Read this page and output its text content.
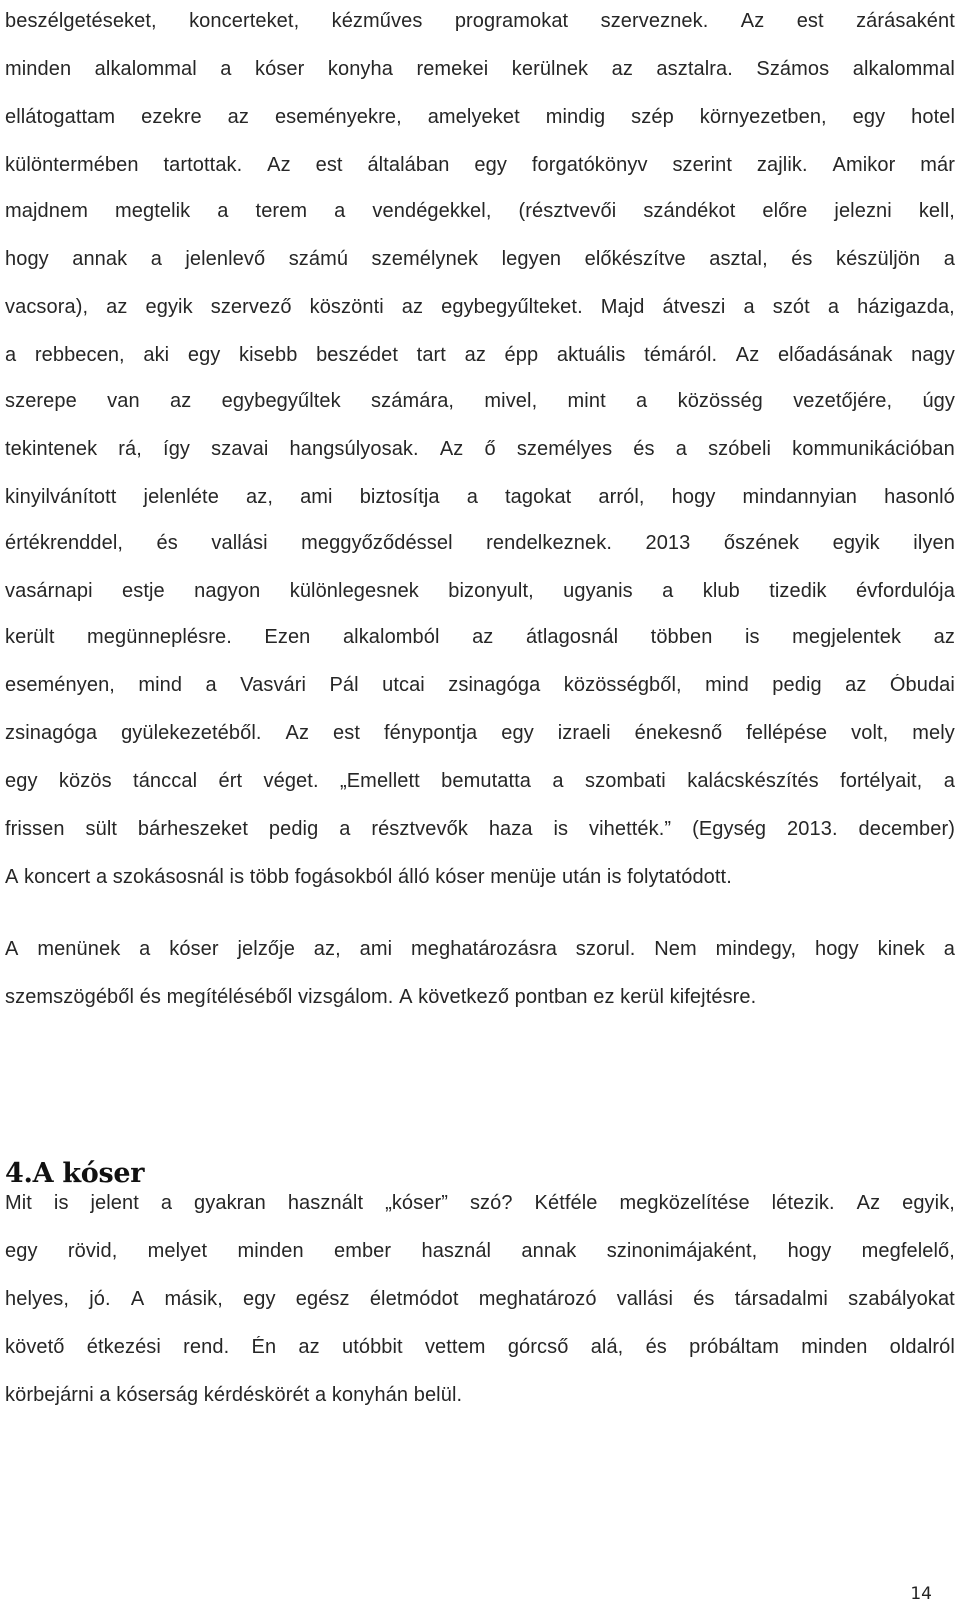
beszélgetéseket, koncerteket, kézműves programokat szerveznek. Az est zárásaként
minden alkalommal a kóser konyha remekei kerülnek az asztalra. Számos alkalommal
ellátogattam ezekre az eseményekre, amelyeket mindig szép környezetben, egy hotel
különtermében tartottak. Az est általában egy forgatókönyv szerint zajlik. Amikor már
majdnem megtelik a terem a vendégekkel, (résztvevői szándékot előre jelezni kell,
hogy annak a jelenlevő számú személynek legyen előkészítve asztal, és készüljön a
vacsora), az egyik szervező köszönti az egybegyűlteket. Majd átveszi a szót a házigazda,
a rebbecen, aki egy kisebb beszédet tart az épp aktuális témáról. Az előadásának nagy
szerepe van az egybegyűltek számára, mivel, mint a közösség vezetőjére, úgy
tekintenek rá, így szavai hangsúlyosak. Az ő személyes és a szóbeli kommunikációban
kinyilvánított jelenléte az, ami biztosítja a tagokat arról, hogy mindannyian hasonló
értékrenddel, és vallási meggyőződéssel rendelkeznek. 2013 őszének egyik ilyen
vasárnapi estje nagyon különlegesnek bizonyult, ugyanis a klub tizedik évfordulója
került megünneplésre. Ezen alkalomból az átlagosnál többen is megjelentek az
eseményen, mind a Vasvári Pál utcai zsinagóga közösségből, mind pedig az Óbudai
zsinagóga gyülekezetéből. Az est fénypontja egy izraeli énekesnő fellépése volt, mely
egy közös tánccal ért véget. „Emellett bemutatta a szombati kalácskészítés fortélyait, a
frissen sült bárheszeket pedig a résztvevők haza is vihették.” (Egység 2013. december)
A koncert a szokásosnál is több fogásokból álló kóser menüje után is folytatódott.
A menünek a kóser jelzője az, ami meghatározásra szorul. Nem mindegy, hogy kinek a
szemszögéből és megítéléséből vizsgálom. A következő pontban ez kerül kifejtésre.
4.A kóser
Mit is jelent a gyakran használt „kóser” szó? Kétféle megközelítése létezik. Az egyik,
egy rövid, melyet minden ember használ annak szinonimájaként, hogy megfelelő,
helyes, jó. A másik, egy egész életmódot meghatározó vallási és társadalmi szabályokat
követő étkezési rend. Én az utóbbit vettem górcső alá, és próbáltam minden oldalról
körbejárni a kóserság kérdéskörét a konyhán belül.
14
